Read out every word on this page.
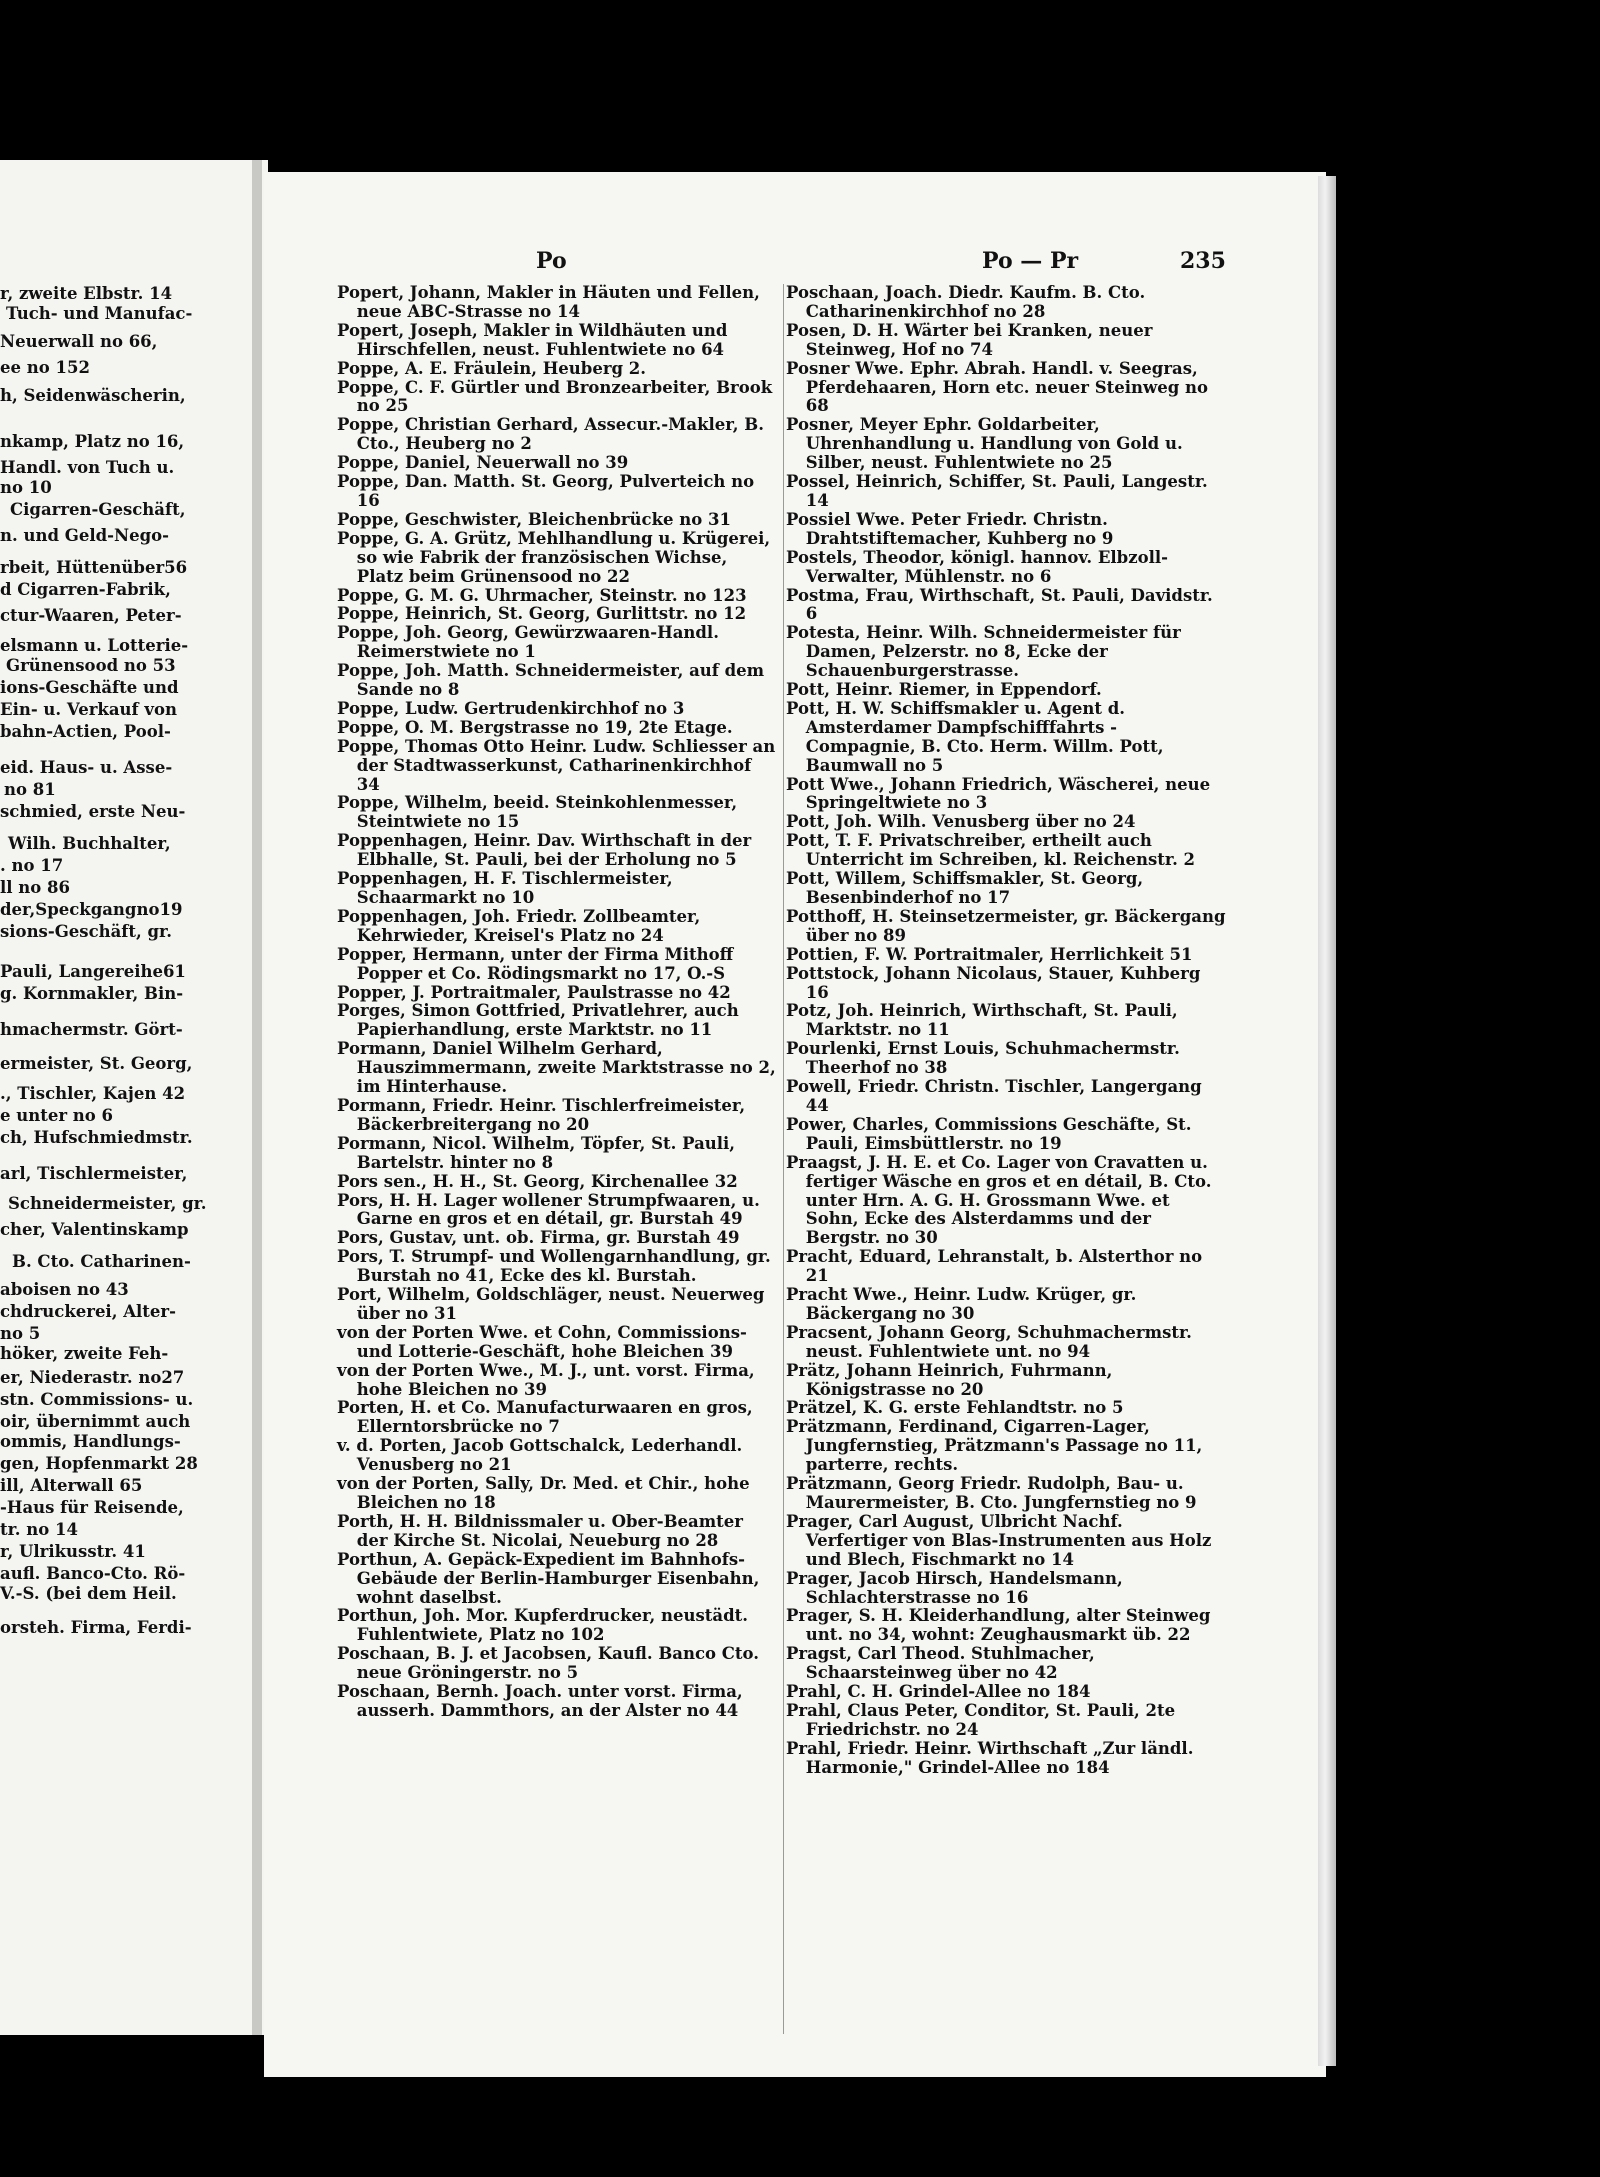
r, zweite Elbstr. 14
Tuch- und Manufac-
Neuerwall no 66,
ee no 152
h, Seidenwäscherin,
nkamp, Platz no 16,
Handl. von Tuch u.
no 10
Cigarren-Geschäft,
n. und Geld-Nego-
rbeit, Hüttenüber56
d Cigarren-Fabrik,
ctur-Waaren, Peter-
elsmann u. Lotterie-
Grünensood no 53
ions-Geschäfte und
Ein- u. Verkauf von
bahn-Actien, Pool-
eid. Haus- u. Asse-
no 81
schmied, erste Neu-
Wilh. Buchhalter,
. no 17
ll no 86
der,Speckgangno19
sions-Geschäft, gr.
Pauli, Langereihe61
g. Kornmakler, Bin-
hmachermstr. Gört-
ermeister, St. Georg,
., Tischler, Kajen 42
e unter no 6
ch, Hufschmiedmstr.
arl, Tischlermeister,
Schneidermeister, gr.
cher, Valentinskamp
B. Cto. Catharinen-
aboisen no 43
chdruckerei, Alter-
no 5
höker, zweite Feh-
er, Niederastr. no27
stn. Commissions- u.
oir, übernimmt auch
ommis, Handlungs-
gen, Hopfenmarkt 28
ill, Alterwall 65
-Haus für Reisende,
tr. no 14
r, Ulrikusstr. 41
aufl. Banco-Cto. Rö-
V.-S. (bei dem Heil.
orsteh. Firma, Ferdi-
Po	Po — Pr	235

Popert, Johann, Makler in Häuten und Fellen, neue ABC-Strasse no 14

Popert, Joseph, Makler in Wildhäuten und Hirschfellen, neust. Fuhlentwiete no 64

Poppe, A. E. Fräulein, Heuberg 2.

Poppe, C. F. Gürtler und Bronzearbeiter, Brook no 25

Poppe, Christian Gerhard, Assecur.-Makler, B. Cto., Heuberg no 2

Poppe, Daniel, Neuerwall no 39

Poppe, Dan. Matth. St. Georg, Pulverteich no 16

Poppe, Geschwister, Bleichenbrücke no 31

Poppe, G. A. Grütz, Mehlhandlung u. Krügerei, so wie Fabrik der französischen Wichse, Platz beim Grünensood no 22

Poppe, G. M. G. Uhrmacher, Steinstr. no 123

Poppe, Heinrich, St. Georg, Gurlittstr. no 12

Poppe, Joh. Georg, Gewürzwaaren-Handl. Reimerstwiete no 1

Poppe, Joh. Matth. Schneidermeister, auf dem Sande no 8

Poppe, Ludw. Gertrudenkirchhof no 3

Poppe, O. M. Bergstrasse no 19, 2te Etage.

Poppe, Thomas Otto Heinr. Ludw. Schliesser an der Stadtwasserkunst, Catharinenkirchhof 34

Poppe, Wilhelm, beeid. Steinkohlenmesser, Steintwiete no 15

Poppenhagen, Heinr. Dav. Wirthschaft in der Elbhalle, St. Pauli, bei der Erholung no 5

Poppenhagen, H. F. Tischlermeister, Schaarmarkt no 10

Poppenhagen, Joh. Friedr. Zollbeamter, Kehrwieder, Kreisel's Platz no 24

Popper, Hermann, unter der Firma Mithoff Popper et Co. Rödingsmarkt no 17, O.-S

Popper, J. Portraitmaler, Paulstrasse no 42

Porges, Simon Gottfried, Privatlehrer, auch Papierhandlung, erste Marktstr. no 11

Pormann, Daniel Wilhelm Gerhard, Hauszimmermann, zweite Marktstrasse no 2, im Hinterhause.

Pormann, Friedr. Heinr. Tischlerfreimeister, Bäckerbreitergang no 20

Pormann, Nicol. Wilhelm, Töpfer, St. Pauli, Bartelstr. hinter no 8

Pors sen., H. H., St. Georg, Kirchenallee 32

Pors, H. H. Lager wollener Strumpfwaaren, u. Garne en gros et en détail, gr. Burstah 49

Pors, Gustav, unt. ob. Firma, gr. Burstah 49

Pors, T. Strumpf- und Wollengarnhandlung, gr. Burstah no 41, Ecke des kl. Burstah.

Port, Wilhelm, Goldschläger, neust. Neuerweg über no 31

von der Porten Wwe. et Cohn, Commissions- und Lotterie-Geschäft, hohe Bleichen 39

von der Porten Wwe., M. J., unt. vorst. Firma, hohe Bleichen no 39

Porten, H. et Co. Manufacturwaaren en gros, Ellerntorsbrücke no 7

v. d. Porten, Jacob Gottschalck, Lederhandl. Venusberg no 21

von der Porten, Sally, Dr. Med. et Chir., hohe Bleichen no 18

Porth, H. H. Bildnissmaler u. Ober-Beamter der Kirche St. Nicolai, Neueburg no 28

Porthun, A. Gepäck-Expedient im Bahnhofs-Gebäude der Berlin-Hamburger Eisenbahn, wohnt daselbst.

Porthun, Joh. Mor. Kupferdrucker, neustädt. Fuhlentwiete, Platz no 102

Poschaan, B. J. et Jacobsen, Kaufl. Banco Cto. neue Gröningerstr. no 5

Poschaan, Bernh. Joach. unter vorst. Firma, ausserh. Dammthors, an der Alster no 44

Poschaan, Joach. Diedr. Kaufm. B. Cto. Catharinenkirchhof no 28

Posen, D. H. Wärter bei Kranken, neuer Steinweg, Hof no 74

Posner Wwe. Ephr. Abrah. Handl. v. Seegras, Pferdehaaren, Horn etc. neuer Steinweg no 68

Posner, Meyer Ephr. Goldarbeiter, Uhrenhandlung u. Handlung von Gold u. Silber, neust. Fuhlentwiete no 25

Possel, Heinrich, Schiffer, St. Pauli, Langestr. 14

Possiel Wwe. Peter Friedr. Christn. Drahtstiftemacher, Kuhberg no 9

Postels, Theodor, königl. hannov. Elbzoll-Verwalter, Mühlenstr. no 6

Postma, Frau, Wirthschaft, St. Pauli, Davidstr. 6

Potesta, Heinr. Wilh. Schneidermeister für Damen, Pelzerstr. no 8, Ecke der Schauenburgerstrasse.

Pott, Heinr. Riemer, in Eppendorf.

Pott, H. W. Schiffsmakler u. Agent d. Amsterdamer Dampfschifffahrts - Compagnie, B. Cto. Herm. Willm. Pott, Baumwall no 5

Pott Wwe., Johann Friedrich, Wäscherei, neue Springeltwiete no 3

Pott, Joh. Wilh. Venusberg über no 24

Pott, T. F. Privatschreiber, ertheilt auch Unterricht im Schreiben, kl. Reichenstr. 2

Pott, Willem, Schiffsmakler, St. Georg, Besenbinderhof no 17

Potthoff, H. Steinsetzermeister, gr. Bäckergang über no 89

Pottien, F. W. Portraitmaler, Herrlichkeit 51

Pottstock, Johann Nicolaus, Stauer, Kuhberg 16

Potz, Joh. Heinrich, Wirthschaft, St. Pauli, Marktstr. no 11

Pourlenki, Ernst Louis, Schuhmachermstr. Theerhof no 38

Powell, Friedr. Christn. Tischler, Langergang 44

Power, Charles, Commissions Geschäfte, St. Pauli, Eimsbüttlerstr. no 19

Praagst, J. H. E. et Co. Lager von Cravatten u. fertiger Wäsche en gros et en détail, B. Cto. unter Hrn. A. G. H. Grossmann Wwe. et Sohn, Ecke des Alsterdamms und der Bergstr. no 30

Pracht, Eduard, Lehranstalt, b. Alsterthor no 21

Pracht Wwe., Heinr. Ludw. Krüger, gr. Bäckergang no 30

Pracsent, Johann Georg, Schuhmachermstr. neust. Fuhlentwiete unt. no 94

Prätz, Johann Heinrich, Fuhrmann, Königstrasse no 20

Prätzel, K. G. erste Fehlandtstr. no 5

Prätzmann, Ferdinand, Cigarren-Lager, Jungfernstieg, Prätzmann's Passage no 11, parterre, rechts.

Prätzmann, Georg Friedr. Rudolph, Bau- u. Maurermeister, B. Cto. Jungfernstieg no 9

Prager, Carl August, Ulbricht Nachf. Verfertiger von Blas-Instrumenten aus Holz und Blech, Fischmarkt no 14

Prager, Jacob Hirsch, Handelsmann, Schlachterstrasse no 16

Prager, S. H. Kleiderhandlung, alter Steinweg unt. no 34, wohnt: Zeughausmarkt üb. 22

Pragst, Carl Theod. Stuhlmacher, Schaarsteinweg über no 42

Prahl, C. H. Grindel-Allee no 184

Prahl, Claus Peter, Conditor, St. Pauli, 2te Friedrichstr. no 24

Prahl, Friedr. Heinr. Wirthschaft „Zur ländl. Harmonie," Grindel-Allee no 184
